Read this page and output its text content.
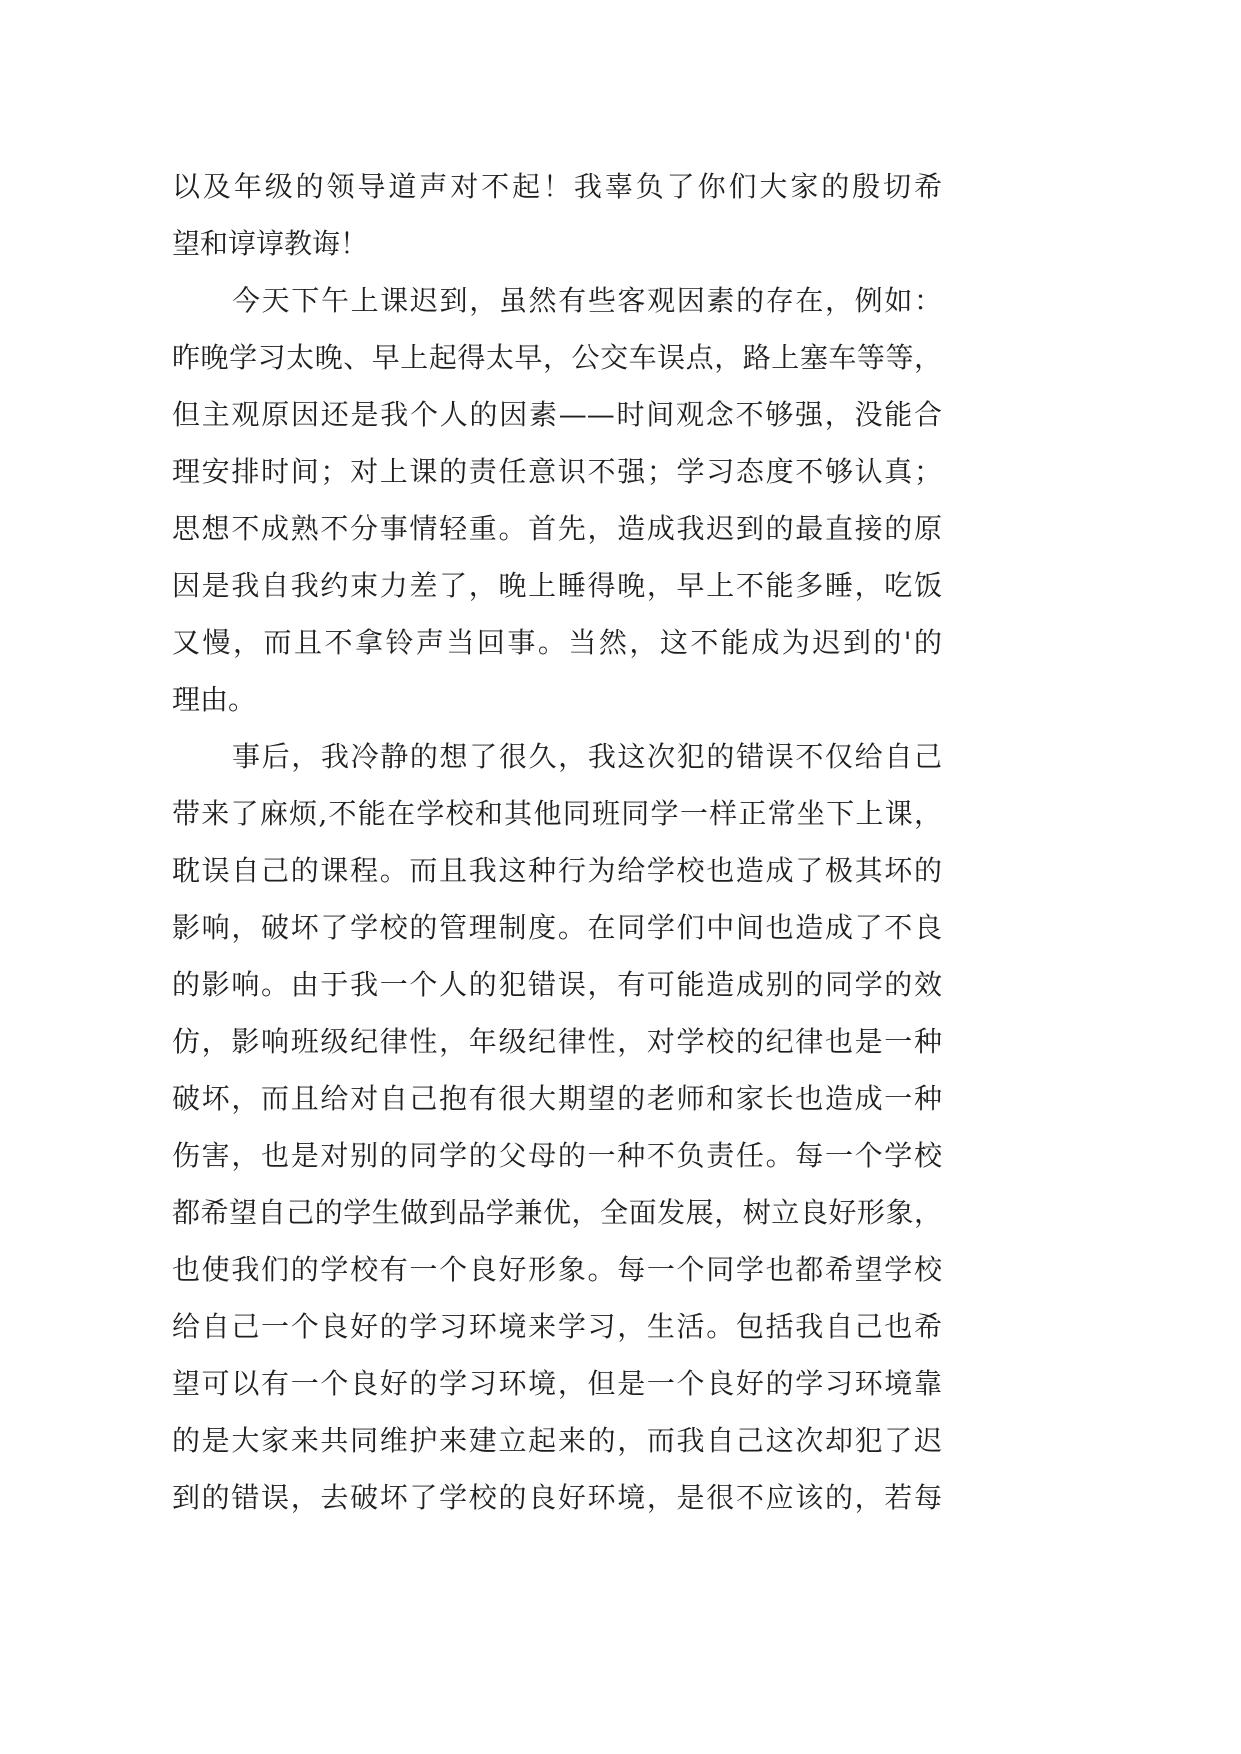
以及年级的领导道声对不起！我辜负了你们大家的殷切希
望和谆谆教诲！
今天下午上课迟到，虽然有些客观因素的存在，例如：
昨晚学习太晚、早上起得太早，公交车误点，路上塞车等等，
但主观原因还是我个人的因素——时间观念不够强，没能合
理安排时间；对上课的责任意识不强；学习态度不够认真；
思想不成熟不分事情轻重。首先，造成我迟到的最直接的原
因是我自我约束力差了，晚上睡得晚，早上不能多睡，吃饭
又慢，而且不拿铃声当回事。当然，这不能成为迟到的'的
理由。
事后，我冷静的想了很久，我这次犯的错误不仅给自己
带来了麻烦,不能在学校和其他同班同学一样正常坐下上课，
耽误自己的课程。而且我这种行为给学校也造成了极其坏的
影响，破坏了学校的管理制度。在同学们中间也造成了不良
的影响。由于我一个人的犯错误，有可能造成别的同学的效
仿，影响班级纪律性，年级纪律性，对学校的纪律也是一种
破坏，而且给对自己抱有很大期望的老师和家长也造成一种
伤害，也是对别的同学的父母的一种不负责任。每一个学校
都希望自己的学生做到品学兼优，全面发展，树立良好形象，
也使我们的学校有一个良好形象。每一个同学也都希望学校
给自己一个良好的学习环境来学习，生活。包括我自己也希
望可以有一个良好的学习环境，但是一个良好的学习环境靠
的是大家来共同维护来建立起来的，而我自己这次却犯了迟
到的错误，去破坏了学校的良好环境，是很不应该的，若每
